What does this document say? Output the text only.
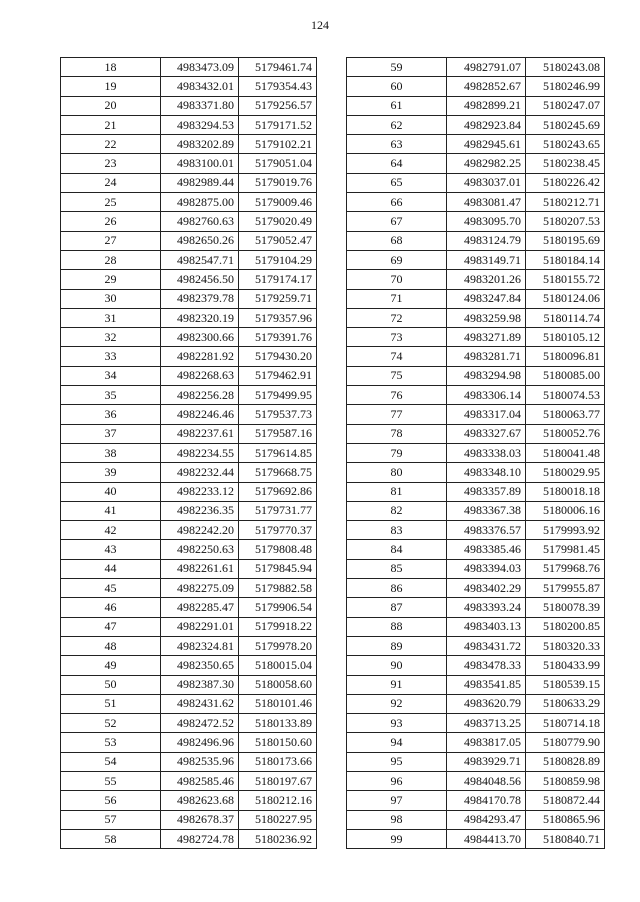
124
18	4983473.09	5179461.74
19	4983432.01	5179354.43
20	4983371.80	5179256.57
21	4983294.53	5179171.52
22	4983202.89	5179102.21
23	4983100.01	5179051.04
24	4982989.44	5179019.76
25	4982875.00	5179009.46
26	4982760.63	5179020.49
27	4982650.26	5179052.47
28	4982547.71	5179104.29
29	4982456.50	5179174.17
30	4982379.78	5179259.71
31	4982320.19	5179357.96
32	4982300.66	5179391.76
33	4982281.92	5179430.20
34	4982268.63	5179462.91
35	4982256.28	5179499.95
36	4982246.46	5179537.73
37	4982237.61	5179587.16
38	4982234.55	5179614.85
39	4982232.44	5179668.75
40	4982233.12	5179692.86
41	4982236.35	5179731.77
42	4982242.20	5179770.37
43	4982250.63	5179808.48
44	4982261.61	5179845.94
45	4982275.09	5179882.58
46	4982285.47	5179906.54
47	4982291.01	5179918.22
48	4982324.81	5179978.20
49	4982350.65	5180015.04
50	4982387.30	5180058.60
51	4982431.62	5180101.46
52	4982472.52	5180133.89
53	4982496.96	5180150.60
54	4982535.96	5180173.66
55	4982585.46	5180197.67
56	4982623.68	5180212.16
57	4982678.37	5180227.95
58	4982724.78	5180236.92
59	4982791.07	5180243.08
60	4982852.67	5180246.99
61	4982899.21	5180247.07
62	4982923.84	5180245.69
63	4982945.61	5180243.65
64	4982982.25	5180238.45
65	4983037.01	5180226.42
66	4983081.47	5180212.71
67	4983095.70	5180207.53
68	4983124.79	5180195.69
69	4983149.71	5180184.14
70	4983201.26	5180155.72
71	4983247.84	5180124.06
72	4983259.98	5180114.74
73	4983271.89	5180105.12
74	4983281.71	5180096.81
75	4983294.98	5180085.00
76	4983306.14	5180074.53
77	4983317.04	5180063.77
78	4983327.67	5180052.76
79	4983338.03	5180041.48
80	4983348.10	5180029.95
81	4983357.89	5180018.18
82	4983367.38	5180006.16
83	4983376.57	5179993.92
84	4983385.46	5179981.45
85	4983394.03	5179968.76
86	4983402.29	5179955.87
87	4983393.24	5180078.39
88	4983403.13	5180200.85
89	4983431.72	5180320.33
90	4983478.33	5180433.99
91	4983541.85	5180539.15
92	4983620.79	5180633.29
93	4983713.25	5180714.18
94	4983817.05	5180779.90
95	4983929.71	5180828.89
96	4984048.56	5180859.98
97	4984170.78	5180872.44
98	4984293.47	5180865.96
99	4984413.70	5180840.71
